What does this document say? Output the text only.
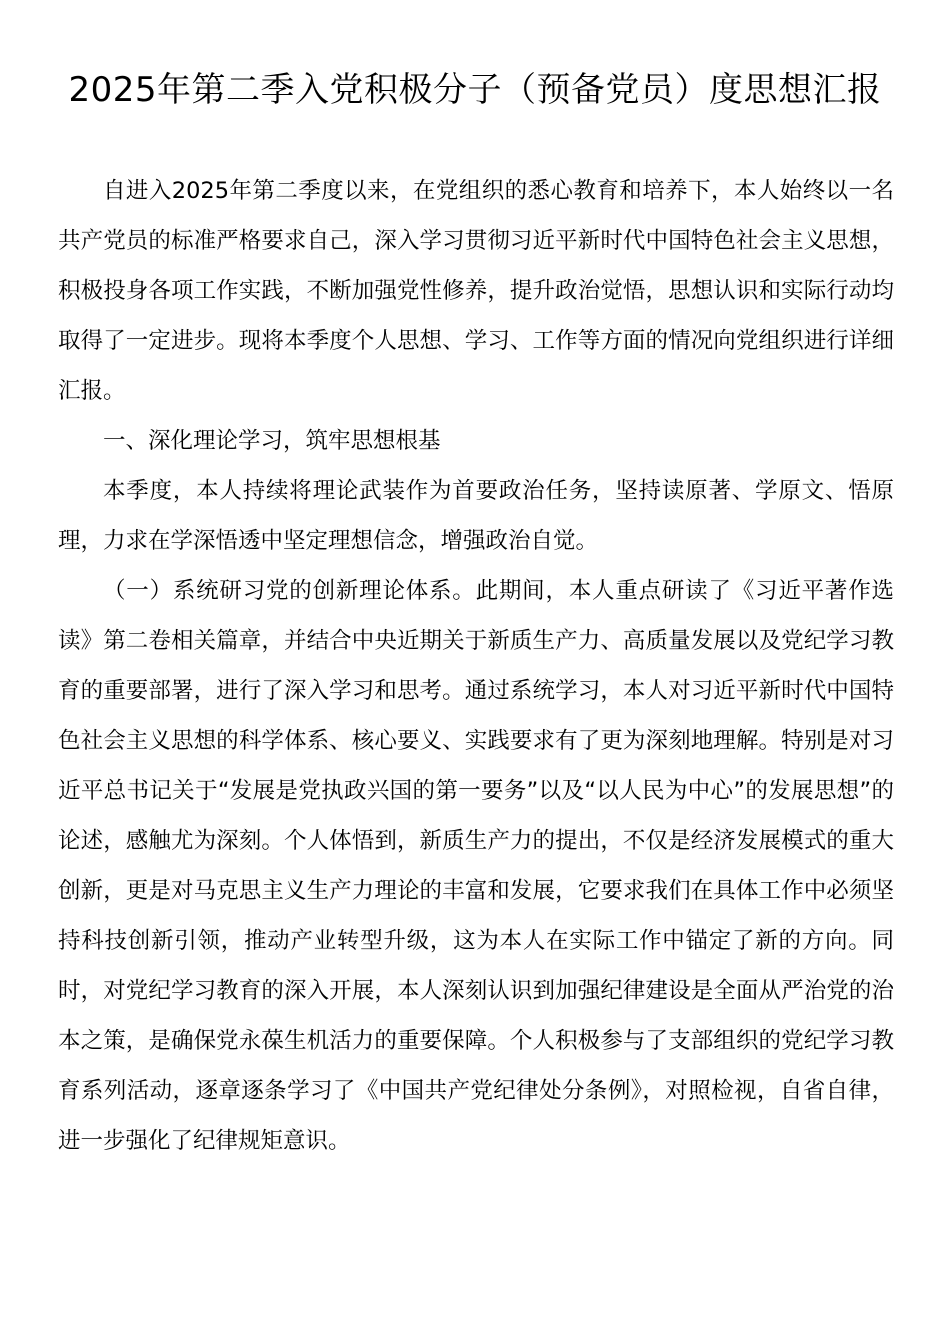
2025年第二季入党积极分子（预备党员）度思想汇报

自进入2025年第二季度以来，在党组织的悉心教育和培养下，本人始终以一名共产党员的标准严格要求自己，深入学习贯彻习近平新时代中国特色社会主义思想，积极投身各项工作实践，不断加强党性修养，提升政治觉悟，思想认识和实际行动均取得了一定进步。现将本季度个人思想、学习、工作等方面的情况向党组织进行详细汇报。

一、深化理论学习，筑牢思想根基

本季度，本人持续将理论武装作为首要政治任务，坚持读原著、学原文、悟原理，力求在学深悟透中坚定理想信念，增强政治自觉。

（一）系统研习党的创新理论体系。此期间，本人重点研读了《习近平著作选读》第二卷相关篇章，并结合中央近期关于新质生产力、高质量发展以及党纪学习教育的重要部署，进行了深入学习和思考。通过系统学习，本人对习近平新时代中国特色社会主义思想的科学体系、核心要义、实践要求有了更为深刻地理解。特别是对习近平总书记关于“发展是党执政兴国的第一要务”以及“以人民为中心”的发展思想”的论述，感触尤为深刻。个人体悟到，新质生产力的提出，不仅是经济发展模式的重大创新，更是对马克思主义生产力理论的丰富和发展，它要求我们在具体工作中必须坚持科技创新引领，推动产业转型升级，这为本人在实际工作中锚定了新的方向。同时，对党纪学习教育的深入开展，本人深刻认识到加强纪律建设是全面从严治党的治本之策，是确保党永葆生机活力的重要保障。个人积极参与了支部组织的党纪学习教育系列活动，逐章逐条学习了《中国共产党纪律处分条例》，对照检视，自省自律，进一步强化了纪律规矩意识。
